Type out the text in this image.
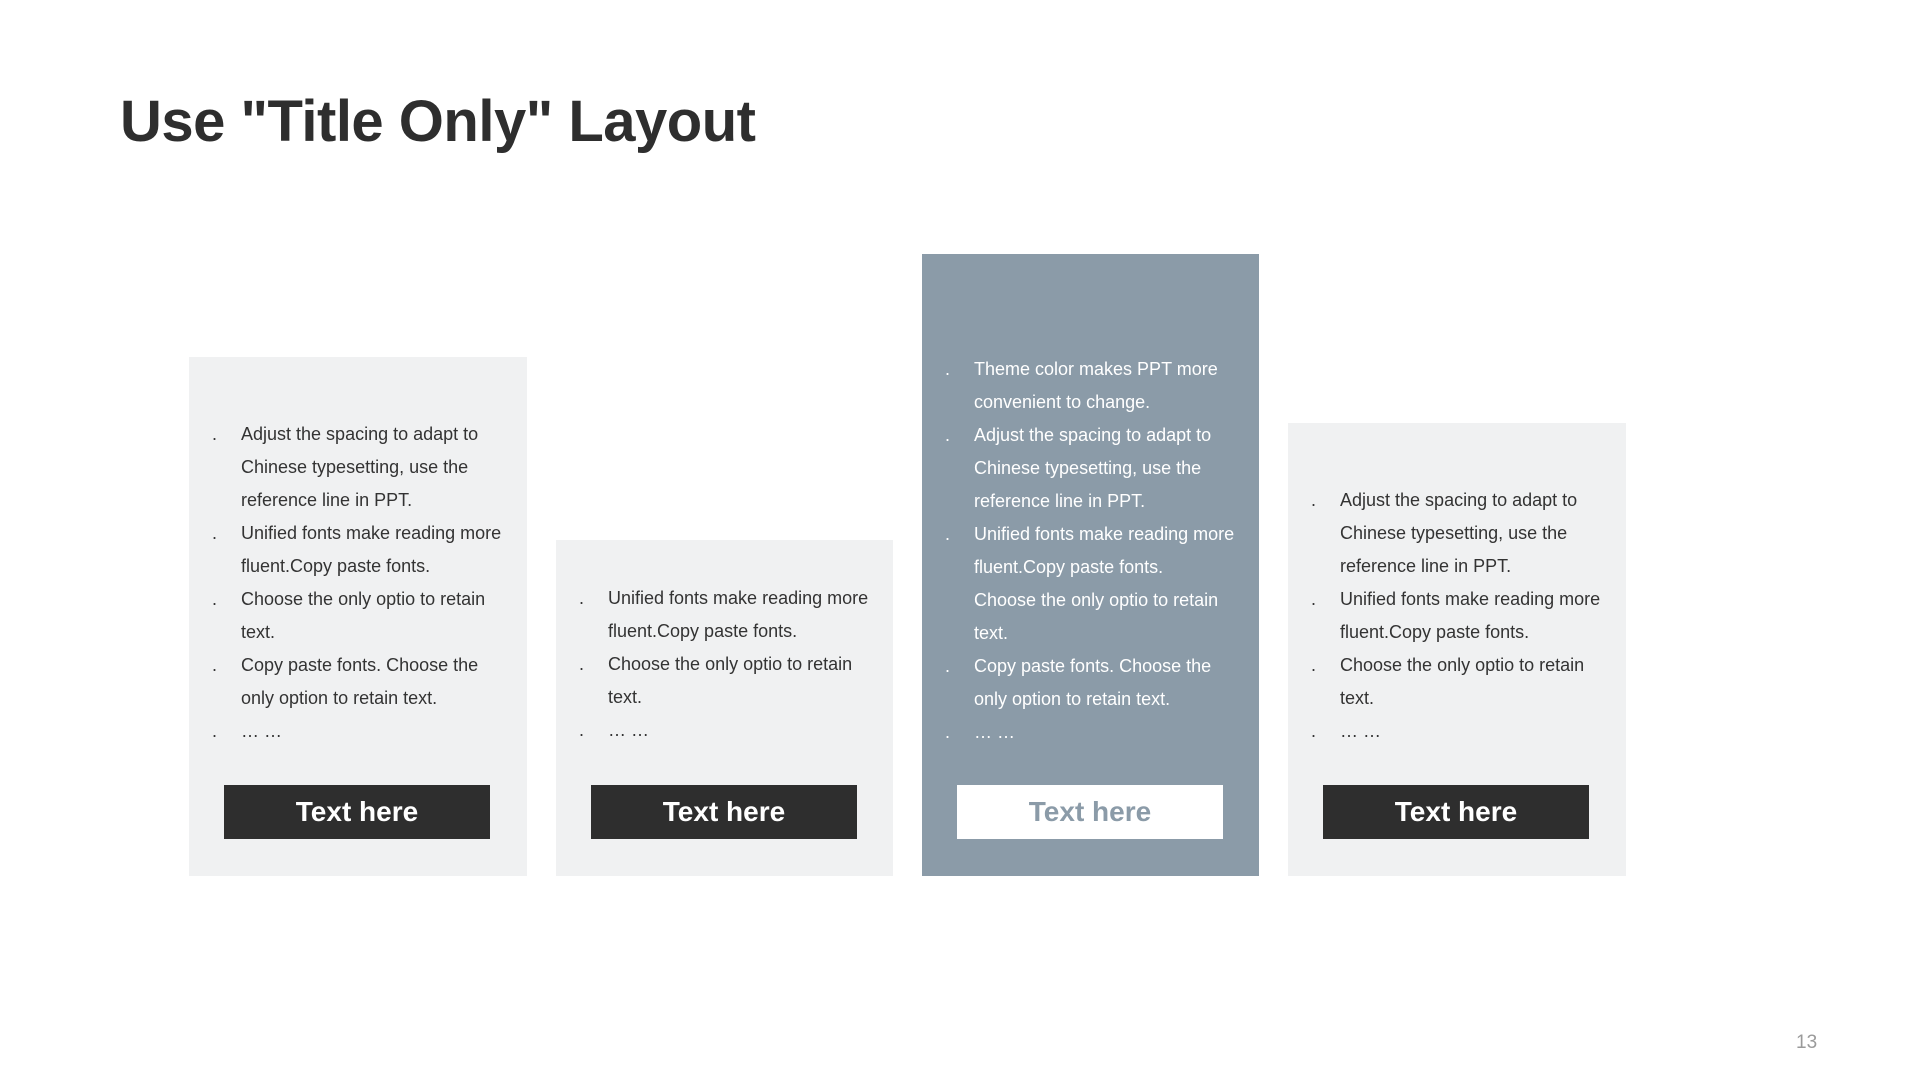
Use "Title Only" Layout
. Adjust the spacing to adapt to Chinese typesetting, use the reference line in PPT.
. Unified fonts make reading more fluent.Copy paste fonts.
. Choose the only optio to retain text.
. Copy paste fonts. Choose the only option to retain text.
. … …
Text here
. Unified fonts make reading more fluent.Copy paste fonts.
. Choose the only optio to retain text.
. … …
Text here
. Theme color makes PPT more convenient to change.
. Adjust the spacing to adapt to Chinese typesetting, use the reference line in PPT.
. Unified fonts make reading more fluent.Copy paste fonts.
Choose the only optio to retain text.
. Copy paste fonts. Choose the only option to retain text.
. … …
Text here
. Adjust the spacing to adapt to Chinese typesetting, use the reference line in PPT.
. Unified fonts make reading more fluent.Copy paste fonts.
. Choose the only optio to retain text.
. … …
Text here
13
